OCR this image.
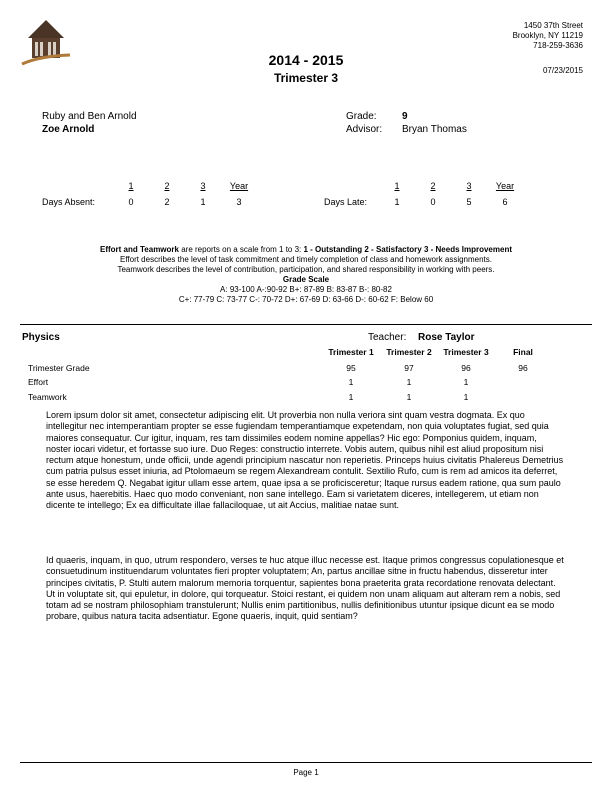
1450 37th Street
Brooklyn, NY 11219
718-259-3636
07/23/2015
2014 - 2015
Trimester 3
Ruby and Ben Arnold
Zoe Arnold
Grade:	9
Advisor: Bryan Thomas
1	2	3	Year
Days Absent:	0	2	1	3
1	2	3	Year
Days Late:	1	0	5	6
Effort and Teamwork are reports on a scale from 1 to 3: 1 - Outstanding 2 - Satisfactory 3 - Needs Improvement
Effort describes the level of task commitment and timely completion of class and homework assignments.
Teamwork describes the level of contribution, participation, and shared responsibility in working with peers.
Grade Scale
A: 93-100 A-:90-92 B+: 87-89 B: 83-87 B-: 80-82
C+: 77-79 C: 73-77 C-: 70-72 D+: 67-69 D: 63-66 D-: 60-62 F: Below 60
Physics	Teacher: Rose Taylor
Trimester 1	Trimester 2	Trimester 3	Final
Trimester Grade	95	97	96	96
Effort	1	1	1
Teamwork	1	1	1
Lorem ipsum dolor sit amet, consectetur adipiscing elit. Ut proverbia non nulla veriora sint quam vestra dogmata. Ex quo intellegitur nec intemperantiam propter se esse fugiendam temperantiamque expetendam, non quia voluptates fugiat, sed quia maiores consequatur. Cur igitur, inquam, res tam dissimiles eodem nomine appellas? Hic ego: Pomponius quidem, inquam, noster iocari videtur, et fortasse suo iure. Duo Reges: constructio interrete. Vobis autem, quibus nihil est aliud propositum nisi rectum atque honestum, unde officii, unde agendi principium nascatur non reperietis. Princeps huius civitatis Phalereus Demetrius cum patria pulsus esset iniuria, ad Ptolomaeum se regem Alexandream contulit. Sextilio Rufo, cum is rem ad amicos ita deferret, se esse heredem Q. Negabat igitur ullam esse artem, quae ipsa a se proficisceretur; Itaque rursus eadem ratione, qua sum paulo ante usus, haerebitis. Haec quo modo conveniant, non sane intellego. Eam si varietatem diceres, intellegerem, ut etiam non dicente te intellego; Ex ea difficultate illae fallaciloquae, ut ait Accius, malitiae natae sunt.
Id quaeris, inquam, in quo, utrum respondero, verses te huc atque illuc necesse est. Itaque primos congressus copulationesque et consuetudinum instituendarum voluntates fieri propter voluptatem; An, partus ancillae sitne in fructu habendus, disseretur inter principes civitatis, P. Stulti autem malorum memoria torquentur, sapientes bona praeterita grata recordatione renovata delectant. Ut in voluptate sit, qui epuletur, in dolore, qui torqueatur. Stoici restant, ei quidem non unam aliquam aut alteram rem a nobis, sed totam ad se nostram philosophiam transtulerunt; Nullis enim partitionibus, nullis definitionibus utuntur ipsique dicunt ea se modo probare, quibus natura tacita adsentiatur. Egone quaeris, inquit, quid sentiam?
Page 1
